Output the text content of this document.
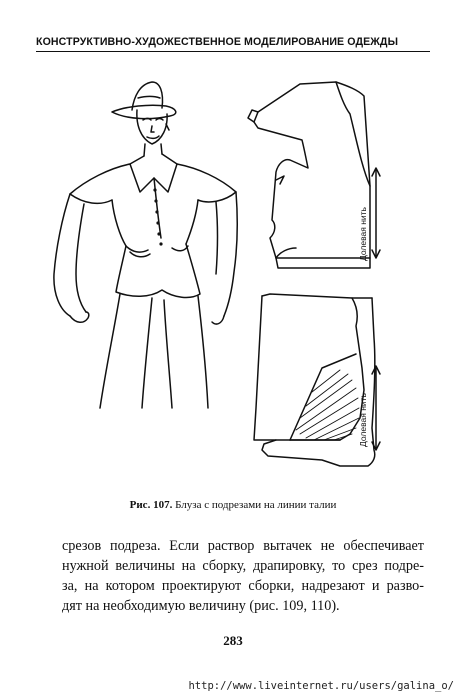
КОНСТРУКТИВНО-ХУДОЖЕСТВЕННОЕ МОДЕЛИРОВАНИЕ ОДЕЖДЫ
Долевая нить
Долевая нить
Рис. 107. Блуза с подрезами на линии талии
срезов подреза. Если раствор вытачек не обеспечивает
нужной величины на сборку, драпировку, то срез подре-
за, на котором проектируют сборки, надрезают и разво-
дят на необходимую величину (рис. 109, 110).
283
http://www.liveinternet.ru/users/galina_o/
